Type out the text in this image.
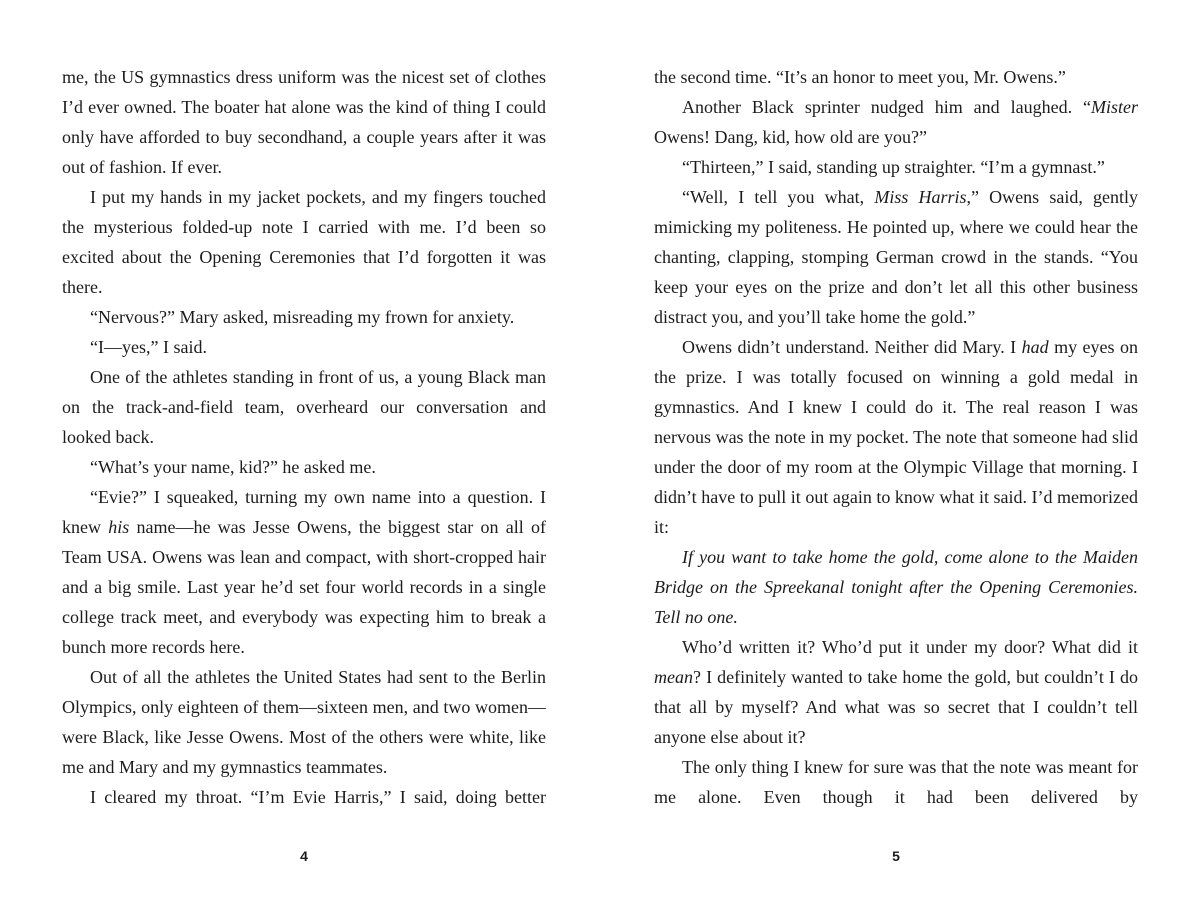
me, the US gymnastics dress uniform was the nicest set of clothes I’d ever owned. The boater hat alone was the kind of thing I could only have afforded to buy secondhand, a couple years after it was out of fashion. If ever.

I put my hands in my jacket pockets, and my fingers touched the mysterious folded-up note I carried with me. I’d been so excited about the Opening Ceremonies that I’d forgotten it was there.

“Nervous?” Mary asked, misreading my frown for anxiety.

“I—yes,” I said.

One of the athletes standing in front of us, a young Black man on the track-and-field team, overheard our conversation and looked back.

“What’s your name, kid?” he asked me.

“Evie?” I squeaked, turning my own name into a question. I knew his name—he was Jesse Owens, the biggest star on all of Team USA. Owens was lean and compact, with short-cropped hair and a big smile. Last year he’d set four world records in a single college track meet, and everybody was expecting him to break a bunch more records here.

Out of all the athletes the United States had sent to the Berlin Olympics, only eighteen of them—sixteen men, and two women—were Black, like Jesse Owens. Most of the others were white, like me and Mary and my gymnastics teammates.

I cleared my throat. “I’m Evie Harris,” I said, doing better

the second time. “It’s an honor to meet you, Mr. Owens.”

Another Black sprinter nudged him and laughed. “Mister Owens! Dang, kid, how old are you?”

“Thirteen,” I said, standing up straighter. “I’m a gymnast.”

“Well, I tell you what, Miss Harris,” Owens said, gently mimicking my politeness. He pointed up, where we could hear the chanting, clapping, stomping German crowd in the stands. “You keep your eyes on the prize and don’t let all this other business distract you, and you’ll take home the gold.”

Owens didn’t understand. Neither did Mary. I had my eyes on the prize. I was totally focused on winning a gold medal in gymnastics. And I knew I could do it. The real reason I was nervous was the note in my pocket. The note that someone had slid under the door of my room at the Olympic Village that morning. I didn’t have to pull it out again to know what it said. I’d memorized it:

If you want to take home the gold, come alone to the Maiden Bridge on the Spreekanal tonight after the Opening Ceremonies. Tell no one.

Who’d written it? Who’d put it under my door? What did it mean? I definitely wanted to take home the gold, but couldn’t I do that all by myself? And what was so secret that I couldn’t tell anyone else about it?

The only thing I knew for sure was that the note was meant for me alone. Even though it had been delivered by

4	5
